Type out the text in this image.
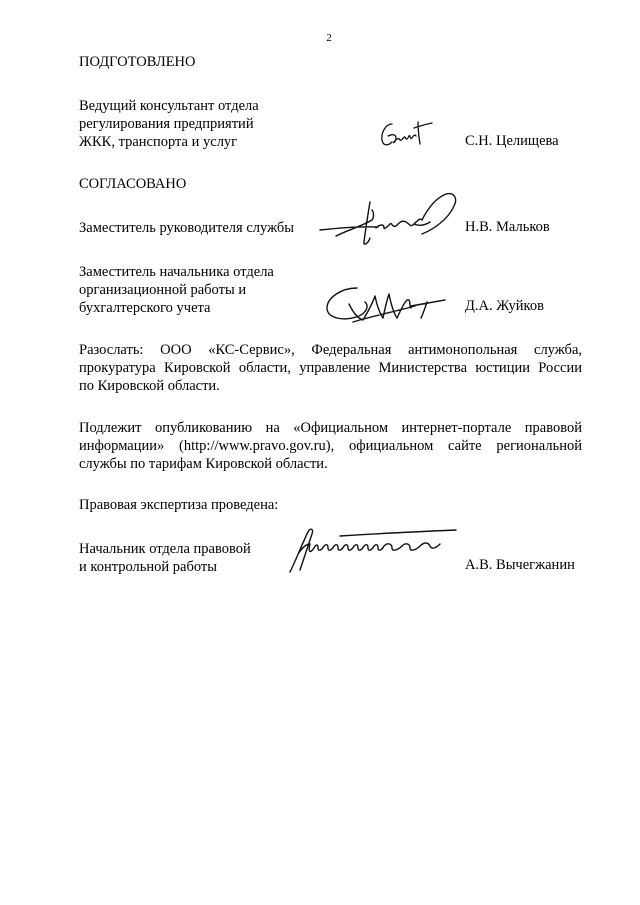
2
ПОДГОТОВЛЕНО
Ведущий консультант отдела
регулирования предприятий
ЖКК, транспорта и услуг	С.Н. Целищева
СОГЛАСОВАНО
Заместитель руководителя службы	Н.В. Мальков
Заместитель начальника отдела
организационной работы и
бухгалтерского учета	Д.А. Жуйков
Разослать: ООО «КС-Сервис», Федеральная антимонопольная служба,
прокуратура Кировской области, управление Министерства юстиции России
по Кировской области.
Подлежит опубликованию на «Официальном интернет-портале правовой
информации» (http://www.pravo.gov.ru), официальном сайте региональной
службы по тарифам Кировской области.
Правовая экспертиза проведена:
Начальник отдела правовой
и контрольной работы	А.В. Вычегжанин
